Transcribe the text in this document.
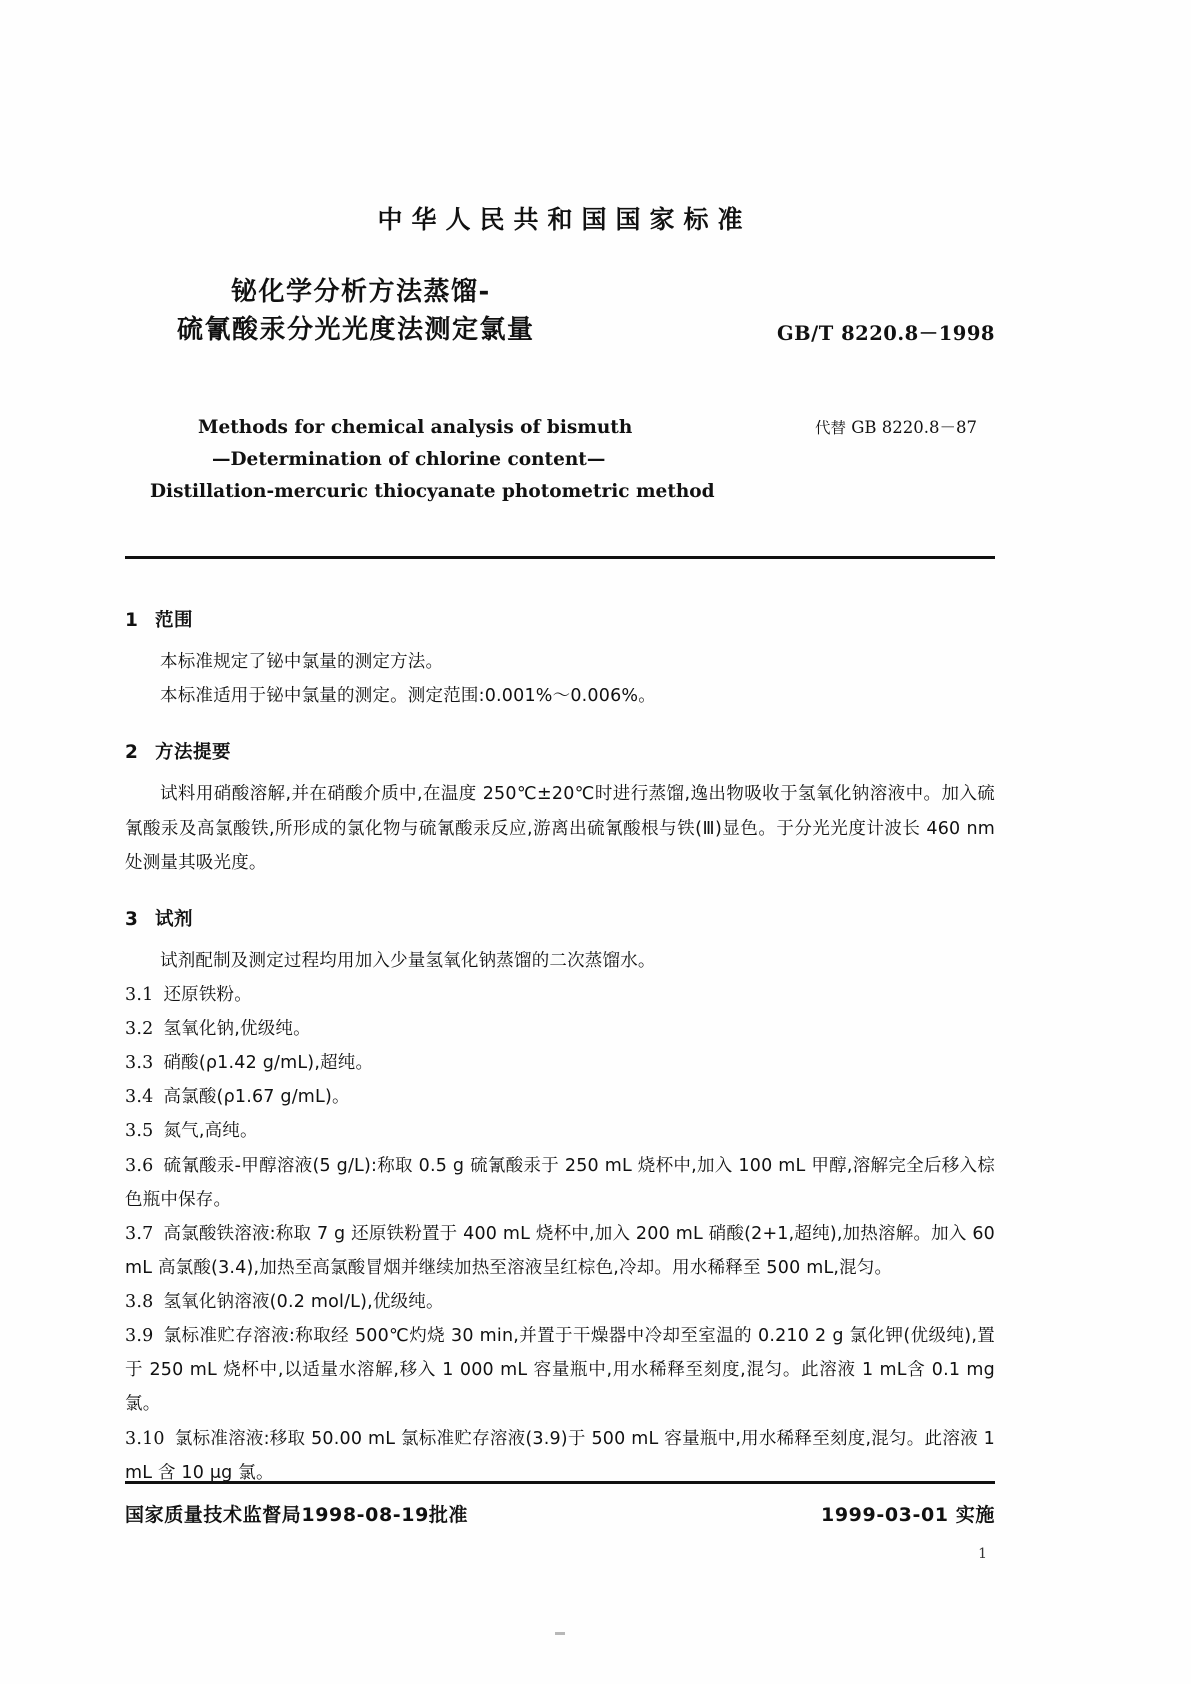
中华人民共和国国家标准
铋化学分析方法蒸馏-
硫氰酸汞分光光度法测定氯量	GB/T 8220.8－1998
Methods for chemical analysis of bismuth
—Determination of chlorine content—
Distillation-mercuric thiocyanate photometric method
代替 GB 8220.8－87
1 范围

本标准规定了铋中氯量的测定方法。

本标准适用于铋中氯量的测定。测定范围:0.001%～0.006%。

2 方法提要

试料用硝酸溶解,并在硝酸介质中,在温度 250℃±20℃时进行蒸馏,逸出物吸收于氢氧化钠溶液中。加入硫氰酸汞及高氯酸铁,所形成的氯化物与硫氰酸汞反应,游离出硫氰酸根与铁(Ⅲ)显色。于分光光度计波长 460 nm 处测量其吸光度。

3 试剂

试剂配制及测定过程均用加入少量氢氧化钠蒸馏的二次蒸馏水。

3.1 还原铁粉。

3.2 氢氧化钠,优级纯。

3.3 硝酸(ρ1.42 g/mL),超纯。

3.4 高氯酸(ρ1.67 g/mL)。

3.5 氮气,高纯。

3.6 硫氰酸汞-甲醇溶液(5 g/L):称取 0.5 g 硫氰酸汞于 250 mL 烧杯中,加入 100 mL 甲醇,溶解完全后移入棕色瓶中保存。

3.7 高氯酸铁溶液:称取 7 g 还原铁粉置于 400 mL 烧杯中,加入 200 mL 硝酸(2+1,超纯),加热溶解。加入 60 mL 高氯酸(3.4),加热至高氯酸冒烟并继续加热至溶液呈红棕色,冷却。用水稀释至 500 mL,混匀。

3.8 氢氧化钠溶液(0.2 mol/L),优级纯。

3.9 氯标准贮存溶液:称取经 500℃灼烧 30 min,并置于干燥器中冷却至室温的 0.210 2 g 氯化钾(优级纯),置于 250 mL 烧杯中,以适量水溶解,移入 1 000 mL 容量瓶中,用水稀释至刻度,混匀。此溶液 1 mL含 0.1 mg 氯。

3.10 氯标准溶液:移取 50.00 mL 氯标准贮存溶液(3.9)于 500 mL 容量瓶中,用水稀释至刻度,混匀。此溶液 1 mL 含 10 μg 氯。

国家质量技术监督局1998-08-19批准	1999-03-01 实施
1
